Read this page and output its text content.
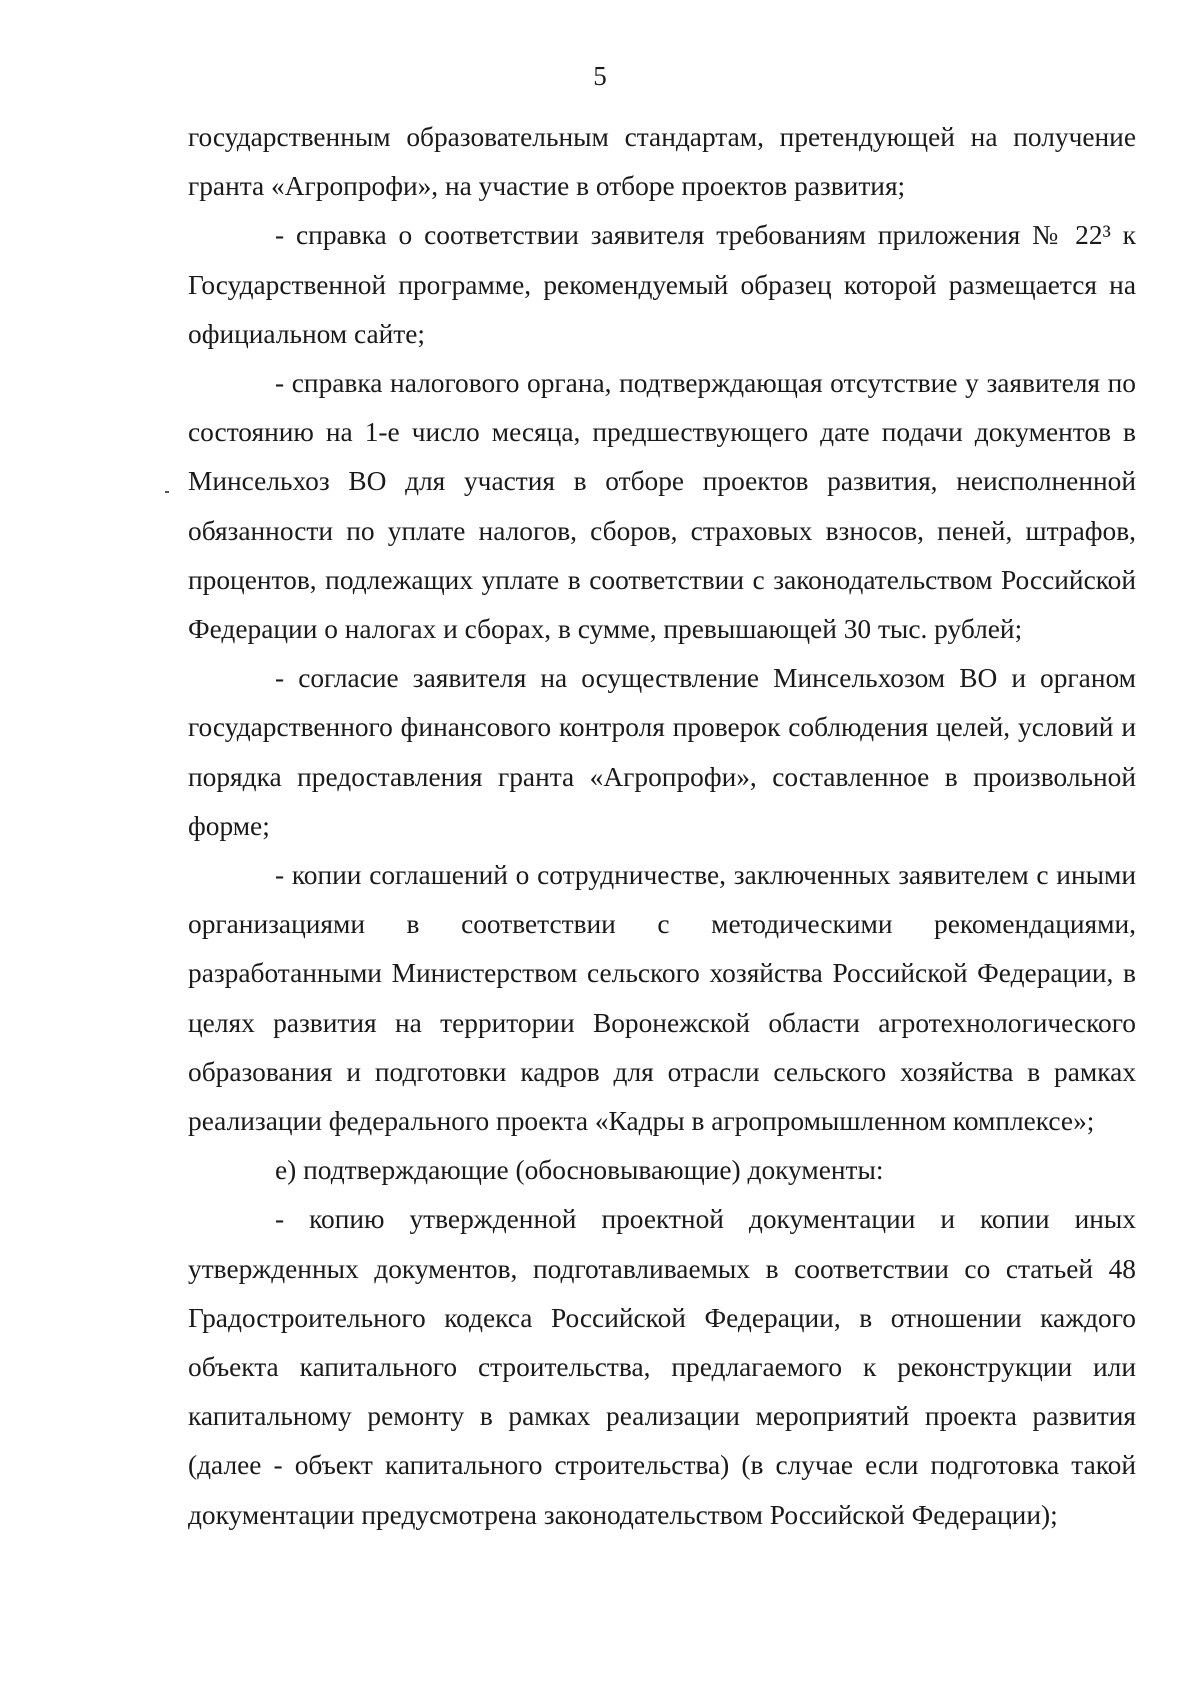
5

государственным образовательным стандартам, претендующей на получение гранта «Агропрофи», на участие в отборе проектов развития;

- справка о соответствии заявителя требованиям приложения № 22³ к Государственной программе, рекомендуемый образец которой размещается на официальном сайте;

- справка налогового органа, подтверждающая отсутствие у заявителя по состоянию на 1-е число месяца, предшествующего дате подачи документов в Минсельхоз ВО для участия в отборе проектов развития, неисполненной обязанности по уплате налогов, сборов, страховых взносов, пеней, штрафов, процентов, подлежащих уплате в соответствии с законодательством Российской Федерации о налогах и сборах, в сумме, превышающей 30 тыс. рублей;

- согласие заявителя на осуществление Минсельхозом ВО и органом государственного финансового контроля проверок соблюдения целей, условий и порядка предоставления гранта «Агропрофи», составленное в произвольной форме;

- копии соглашений о сотрудничестве, заключенных заявителем с иными организациями в соответствии с методическими рекомендациями, разработанными Министерством сельского хозяйства Российской Федерации, в целях развития на территории Воронежской области агротехнологического образования и подготовки кадров для отрасли сельского хозяйства в рамках реализации федерального проекта «Кадры в агропромышленном комплексе»;

е) подтверждающие (обосновывающие) документы:

- копию утвержденной проектной документации и копии иных утвержденных документов, подготавливаемых в соответствии со статьей 48 Градостроительного кодекса Российской Федерации, в отношении каждого объекта капитального строительства, предлагаемого к реконструкции или капитальному ремонту в рамках реализации мероприятий проекта развития (далее - объект капитального строительства) (в случае если подготовка такой документации предусмотрена законодательством Российской Федерации);
